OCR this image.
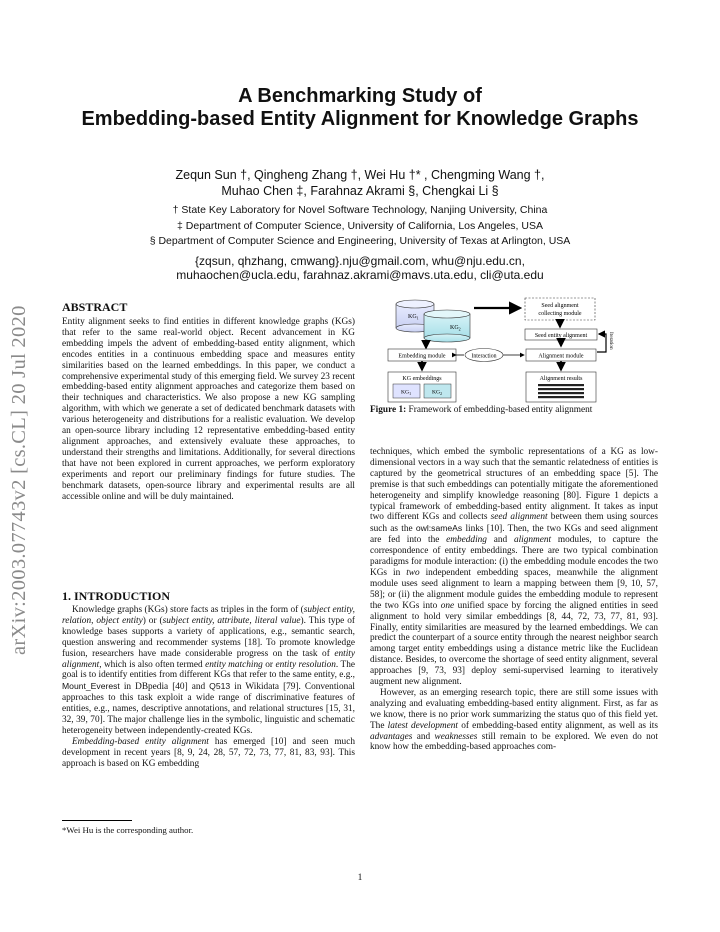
arXiv:2003.07743v2 [cs.CL] 20 Jul 2020
A Benchmarking Study of
Embedding-based Entity Alignment for Knowledge Graphs
Zequn Sun †, Qingheng Zhang †, Wei Hu †* , Chengming Wang †,
Muhao Chen ‡, Farahnaz Akrami §, Chengkai Li §
† State Key Laboratory for Novel Software Technology, Nanjing University, China
‡ Department of Computer Science, University of California, Los Angeles, USA
§ Department of Computer Science and Engineering, University of Texas at Arlington, USA
{zqsun, qhzhang, cmwang}.nju@gmail.com, whu@nju.edu.cn,
muhaochen@ucla.edu, farahnaz.akrami@mavs.uta.edu, cli@uta.edu
ABSTRACT

Entity alignment seeks to find entities in different knowledge graphs (KGs) that refer to the same real-world object. Recent advancement in KG embedding impels the advent of embedding-based entity alignment, which encodes entities in a continuous embedding space and measures entity similarities based on the learned embeddings. In this paper, we conduct a comprehensive experimental study of this emerging field. We survey 23 recent embedding-based entity alignment approaches and categorize them based on their techniques and characteristics. We also propose a new KG sampling algorithm, with which we generate a set of dedicated benchmark datasets with various heterogeneity and distributions for a realistic evaluation. We develop an open-source library including 12 representative embedding-based entity alignment approaches, and extensively evaluate these approaches, to understand their strengths and limitations. Additionally, for several directions that have not been explored in current approaches, we perform exploratory experiments and report our preliminary findings for future studies. The benchmark datasets, open-source library and experimental results are all accessible online and will be duly maintained.

1. INTRODUCTION

Knowledge graphs (KGs) store facts as triples in the form of (subject entity, relation, object entity) or (subject entity, attribute, literal value). This type of knowledge bases supports a variety of applications, e.g., semantic search, question answering and recommender systems [18]. To promote knowledge fusion, researchers have made considerable progress on the task of entity alignment, which is also often termed entity matching or entity resolution. The goal is to identify entities from different KGs that refer to the same entity, e.g., Mount_Everest in DBpedia [40] and Q513 in Wikidata [79]. Conventional approaches to this task exploit a wide range of discriminative features of entities, e.g., names, descriptive annotations, and relational structures [15, 31, 32, 39, 70]. The major challenge lies in the symbolic, linguistic and schematic heterogeneity between independently-created KGs.

Embedding-based entity alignment has emerged [10] and seen much development in recent years [8, 9, 24, 28, 57, 72, 73, 77, 81, 83, 93]. This approach is based on KG embedding

*Wei Hu is the corresponding author.
$KG_1$
$KG_2$
Seed alignment
collecting module
Seed entity alignment	Iteration
Embedding module	Interaction	Alignment module
KG embeddings
$KG_1$	$KG_2$
Alignment results
Figure 1: Framework of embedding-based entity alignment

techniques, which embed the symbolic representations of a KG as low-dimensional vectors in a way such that the semantic relatedness of entities is captured by the geometrical structures of an embedding space [5]. The premise is that such embeddings can potentially mitigate the aforementioned heterogeneity and simplify knowledge reasoning [80]. Figure 1 depicts a typical framework of embedding-based entity alignment. It takes as input two different KGs and collects seed alignment between them using sources such as the owl:sameAs links [10]. Then, the two KGs and seed alignment are fed into the embedding and alignment modules, to capture the correspondence of entity embeddings. There are two typical combination paradigms for module interaction: (i) the embedding module encodes the two KGs in two independent embedding spaces, meanwhile the alignment module uses seed alignment to learn a mapping between them [9, 10, 57, 58]; or (ii) the alignment module guides the embedding module to represent the two KGs into one unified space by forcing the aligned entities in seed alignment to hold very similar embeddings [8, 44, 72, 73, 77, 81, 93]. Finally, entity similarities are measured by the learned embeddings. We can predict the counterpart of a source entity through the nearest neighbor search among target entity embeddings using a distance metric like the Euclidean distance. Besides, to overcome the shortage of seed entity alignment, several approaches [9, 73, 93] deploy semi-supervised learning to iteratively augment new alignment.

However, as an emerging research topic, there are still some issues with analyzing and evaluating embedding-based entity alignment. First, as far as we know, there is no prior work summarizing the status quo of this field yet. The latest development of embedding-based entity alignment, as well as its advantages and weaknesses still remain to be explored. We even do not know how the embedding-based approaches com-

1
